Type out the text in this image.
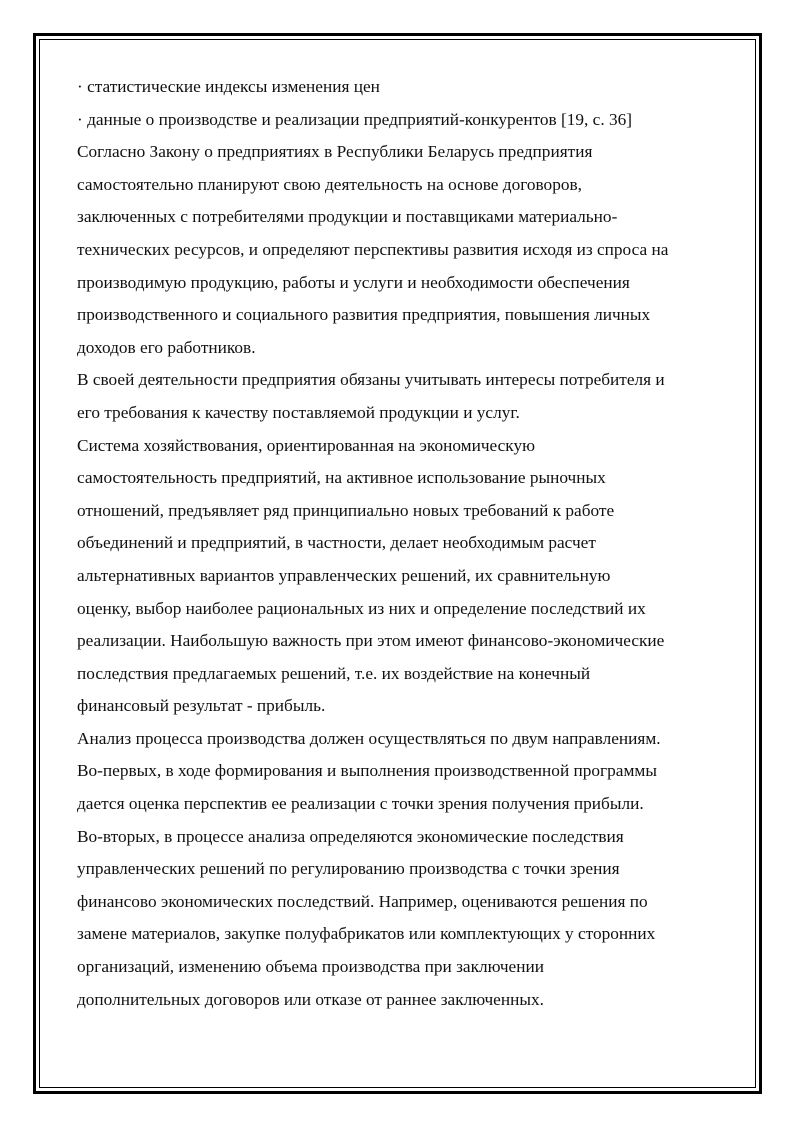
· статистические индексы изменения цен
· данные о производстве и реализации предприятий-конкурентов [19, с. 36]
Согласно Закону о предприятиях в Республики Беларусь предприятия
самостоятельно планируют свою деятельность на основе договоров,
заключенных с потребителями продукции и поставщиками материально-
технических ресурсов, и определяют перспективы развития исходя из спроса на
производимую продукцию, работы и услуги и необходимости обеспечения
производственного и социального развития предприятия, повышения личных
доходов его работников.
В своей деятельности предприятия обязаны учитывать интересы потребителя и
его требования к качеству поставляемой продукции и услуг.
Система хозяйствования, ориентированная на экономическую
самостоятельность предприятий, на активное использование рыночных
отношений, предъявляет ряд принципиально новых требований к работе
объединений и предприятий, в частности, делает необходимым расчет
альтернативных вариантов управленческих решений, их сравнительную
оценку, выбор наиболее рациональных из них и определение последствий их
реализации. Наибольшую важность при этом имеют финансово-экономические
последствия предлагаемых решений, т.е. их воздействие на конечный
финансовый результат - прибыль.
Анализ процесса производства должен осуществляться по двум направлениям.
Во-первых, в ходе формирования и выполнения производственной программы
дается оценка перспектив ее реализации с точки зрения получения прибыли.
Во-вторых, в процессе анализа определяются экономические последствия
управленческих решений по регулированию производства с точки зрения
финансово экономических последствий. Например, оцениваются решения по
замене материалов, закупке полуфабрикатов или комплектующих у сторонних
организаций, изменению объема производства при заключении
дополнительных договоров или отказе от раннее заключенных.
